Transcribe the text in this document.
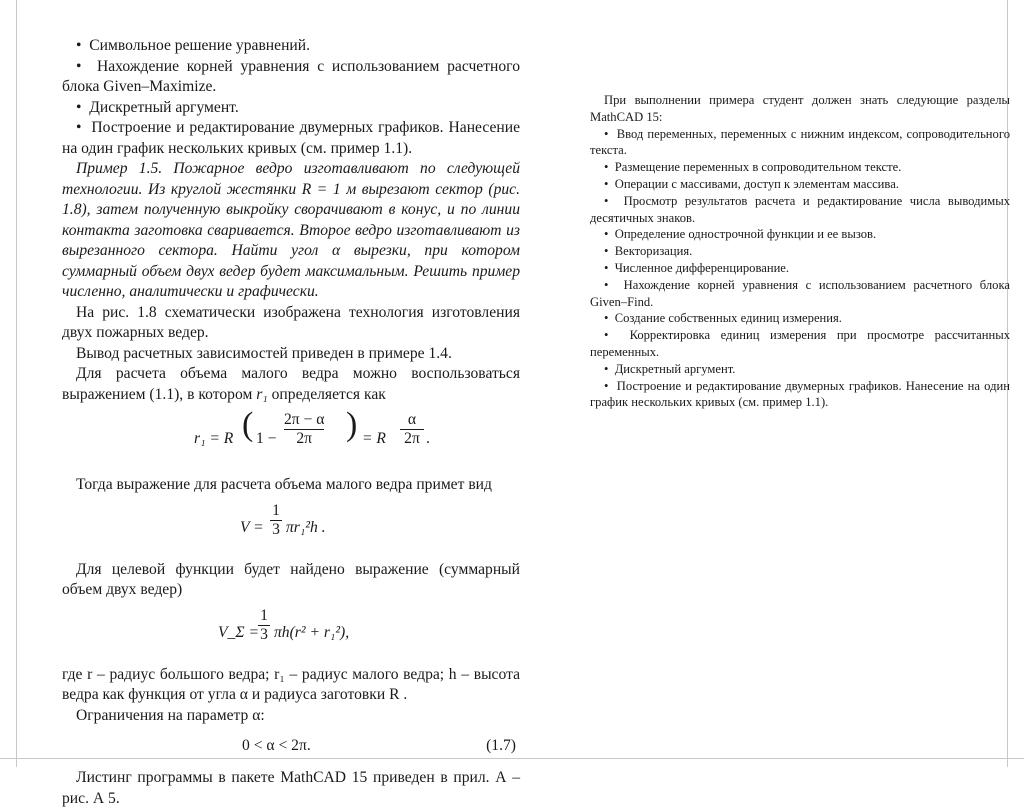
•  Символьное решение уравнений.

•  Нахождение корней уравнения с использованием расчетного блока Given–Maximize.

•  Дискретный аргумент.

•  Построение и редактирование двумерных графиков. Нанесение на один график нескольких кривых (см. пример 1.1).

Пример 1.5. Пожарное ведро изготавливают по следующей технологии. Из круглой жестянки R = 1 м вырезают сектор (рис. 1.8), затем полученную выкройку сворачивают в конус, и по линии контакта заготовка сваривается. Второе ведро изготавливают из вырезанного сектора. Найти угол α вырезки, при котором суммарный объем двух ведер будет максимальным. Решить пример численно, аналитически и графически.

На рис. 1.8 схематически изображена технология изготовления двух пожарных ведер.

Вывод расчетных зависимостей приведен в примере 1.4.

Для расчета объема малого ведра можно воспользоваться выражением (1.1), в котором r₁ определяется как

r₁ = R ( 1 −
2π − α
2π ) = R
α
2π .

Тогда выражение для расчета объема малого ведра примет вид

V =
1
3 πr₁²h .

Для целевой функции будет найдено выражение (суммарный объем двух ведер)

V_Σ =
1
3 πh(r² + r₁²),

где r – радиус большого ведра; r₁ – радиус малого ведра; h – высота ведра как функция от угла α и радиуса заготовки R .

Ограничения на параметр α:

0 < α < 2π.	(1.7)

Листинг программы в пакете MathCAD 15 приведен в прил. А – рис. А 5.

При выполнении примера студент должен знать следующие разделы MathCAD 15:

•  Ввод переменных, переменных с нижним индексом, сопроводительного текста.

•  Размещение переменных в сопроводительном тексте.

•  Операции с массивами, доступ к элементам массива.

•  Просмотр результатов расчета и редактирование числа выводимых десятичных знаков.

•  Определение однострочной функции и ее вызов.

•  Векторизация.

•  Численное дифференцирование.

•  Нахождение корней уравнения с использованием расчетного блока Given–Find.

•  Создание собственных единиц измерения.

•  Корректировка единиц измерения при просмотре рассчитанных переменных.

•  Дискретный аргумент.

•  Построение и редактирование двумерных графиков. Нанесение на один график нескольких кривых (см. пример 1.1).
